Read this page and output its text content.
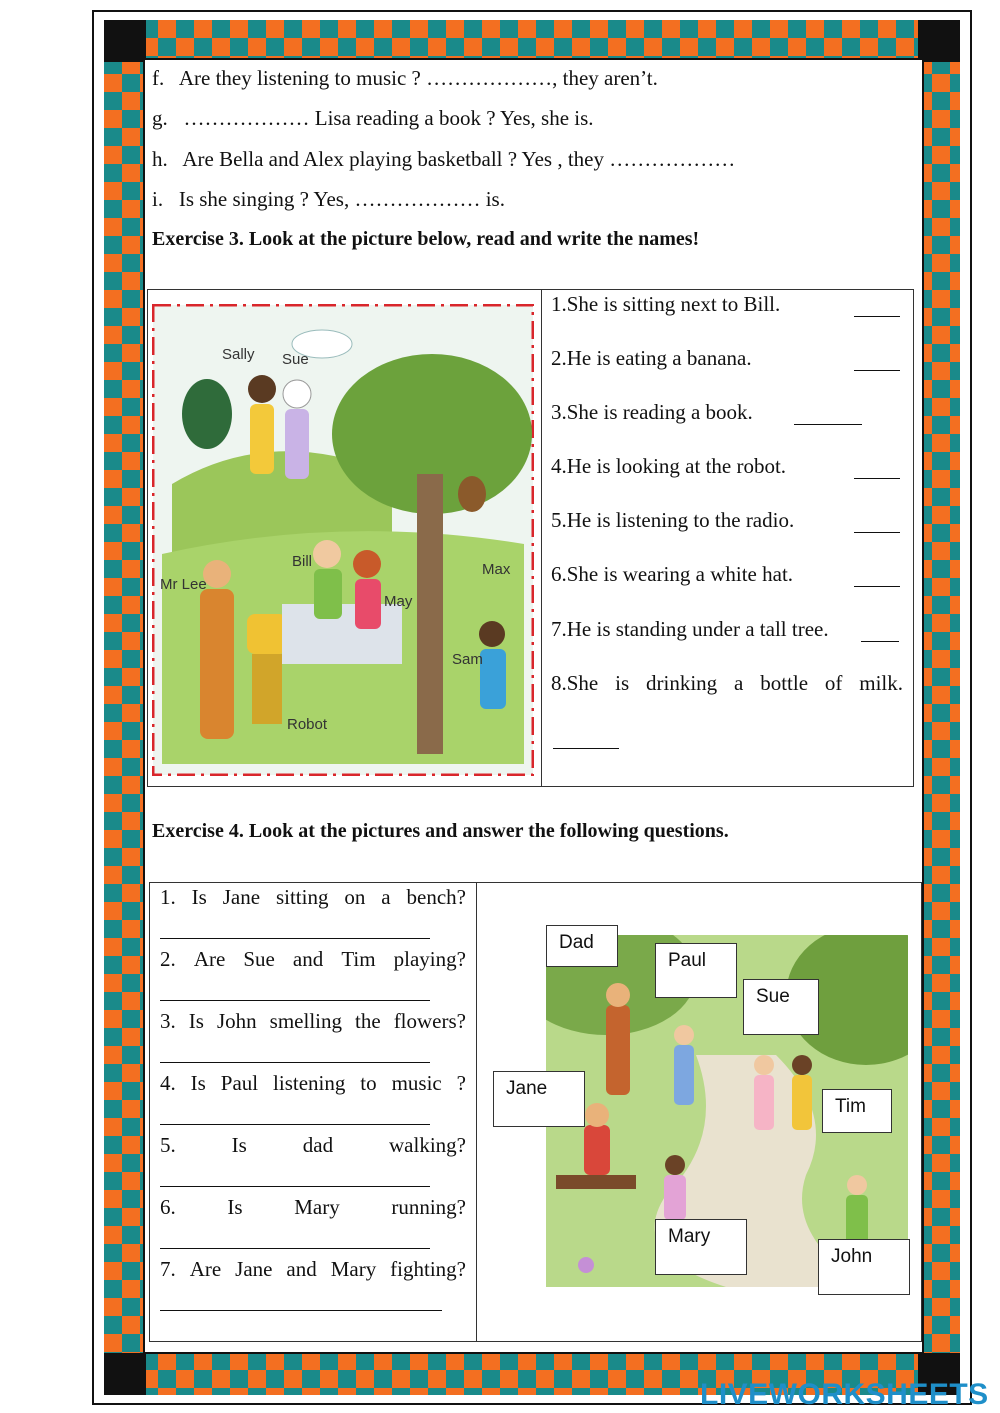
f. Are they listening to music ? ………………, they aren’t.
g. ……………… Lisa reading a book ? Yes, she is.
h. Are Bella and Alex playing basketball ? Yes , they ………………
i. Is she singing ? Yes, ……………… is.
Exercise 3. Look at the picture below, read and write the names!
Sally Sue
Bill
May
Max
Mr Lee
Sam
Robot
1.She is sitting next to Bill.
2.He is eating a banana.
3.She is reading a book.
4.He is looking at the robot.
5.He is listening to the radio.
6.She is wearing a white hat.
7.He is standing under a tall tree.
8.She is drinking a bottle of milk.
Exercise 4. Look at the pictures and answer the following questions.
1. Is Jane sitting on a bench?
2. Are Sue and Tim playing?
3. Is John smelling the flowers?
4. Is Paul listening to music ?
5.	Is	dad	walking?
6. Is Mary running?
7. Are Jane and Mary fighting?
Dad
Paul
Sue
Jane
Tim
Mary
John
LIVEWORKSHEETS
